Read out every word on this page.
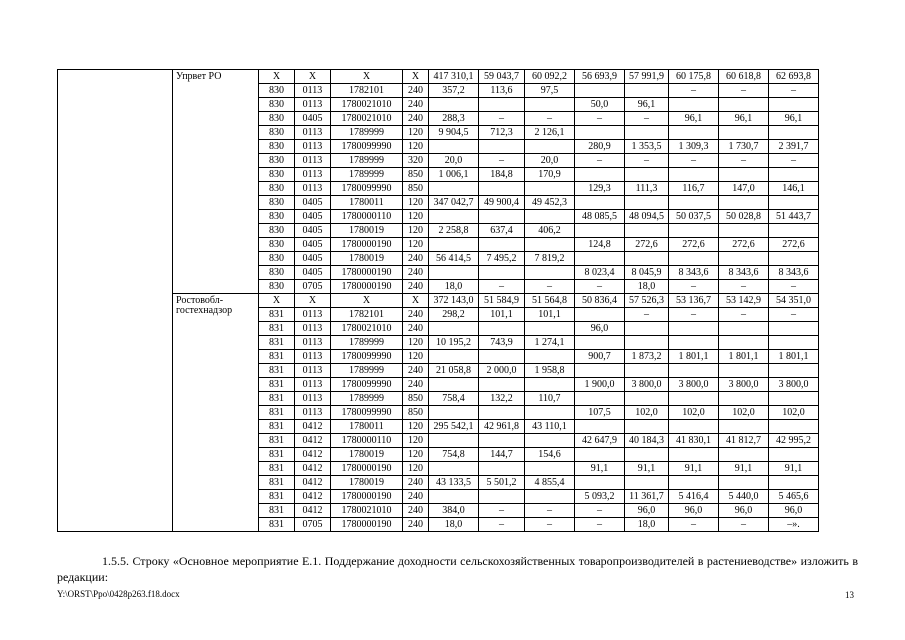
	Упрвет РО	Х	Х	Х	Х	417 310,1	59 043,7	60 092,2	56 693,9	57 991,9	60 175,8	60 618,8	62 693,8
		830	0113	1782101	240	357,2	113,6	97,5			–	–	–
		830	0113	1780021010	240				50,0	96,1			
		830	0405	1780021010	240	288,3	–	–	–	–	96,1	96,1	96,1
		830	0113	1789999	120	9 904,5	712,3	2 126,1					
		830	0113	1780099990	120				280,9	1 353,5	1 309,3	1 730,7	2 391,7
		830	0113	1789999	320	20,0	–	20,0	–	–	–	–	–
		830	0113	1789999	850	1 006,1	184,8	170,9					
		830	0113	1780099990	850				129,3	111,3	116,7	147,0	146,1
		830	0405	1780011	120	347 042,7	49 900,4	49 452,3					
		830	0405	1780000110	120				48 085,5	48 094,5	50 037,5	50 028,8	51 443,7
		830	0405	1780019	120	2 258,8	637,4	406,2					
		830	0405	1780000190	120				124,8	272,6	272,6	272,6	272,6
		830	0405	1780019	240	56 414,5	7 495,2	7 819,2					
		830	0405	1780000190	240				8 023,4	8 045,9	8 343,6	8 343,6	8 343,6
		830	0705	1780000190	240	18,0	–	–	–	18,0	–	–	–
	Ростовобл-гостехнадзор	Х	Х	Х	Х	372 143,0	51 584,9	51 564,8	50 836,4	57 526,3	53 136,7	53 142,9	54 351,0
		831	0113	1782101	240	298,2	101,1	101,1		–	–	–	–
		831	0113	1780021010	240				96,0				
		831	0113	1789999	120	10 195,2	743,9	1 274,1					
		831	0113	1780099990	120				900,7	1 873,2	1 801,1	1 801,1	1 801,1
		831	0113	1789999	240	21 058,8	2 000,0	1 958,8					
		831	0113	1780099990	240				1 900,0	3 800,0	3 800,0	3 800,0	3 800,0
		831	0113	1789999	850	758,4	132,2	110,7					
		831	0113	1780099990	850				107,5	102,0	102,0	102,0	102,0
		831	0412	1780011	120	295 542,1	42 961,8	43 110,1					
		831	0412	1780000110	120				42 647,9	40 184,3	41 830,1	41 812,7	42 995,2
		831	0412	1780019	120	754,8	144,7	154,6					
		831	0412	1780000190	120				91,1	91,1	91,1	91,1	91,1
		831	0412	1780019	240	43 133,5	5 501,2	4 855,4					
		831	0412	1780000190	240				5 093,2	11 361,7	5 416,4	5 440,0	5 465,6
		831	0412	1780021010	240	384,0	–	–	–	96,0	96,0	96,0	96,0
		831	0705	1780000190	240	18,0	–	–	–	18,0	–	–	–».

1.5.5. Строку «Основное мероприятие Е.1. Поддержание доходности сельскохозяйственных товаропроизводителей в растениеводстве» изложить в редакции:

Y:\ORST\Ppo\0428p263.f18.docx	13
